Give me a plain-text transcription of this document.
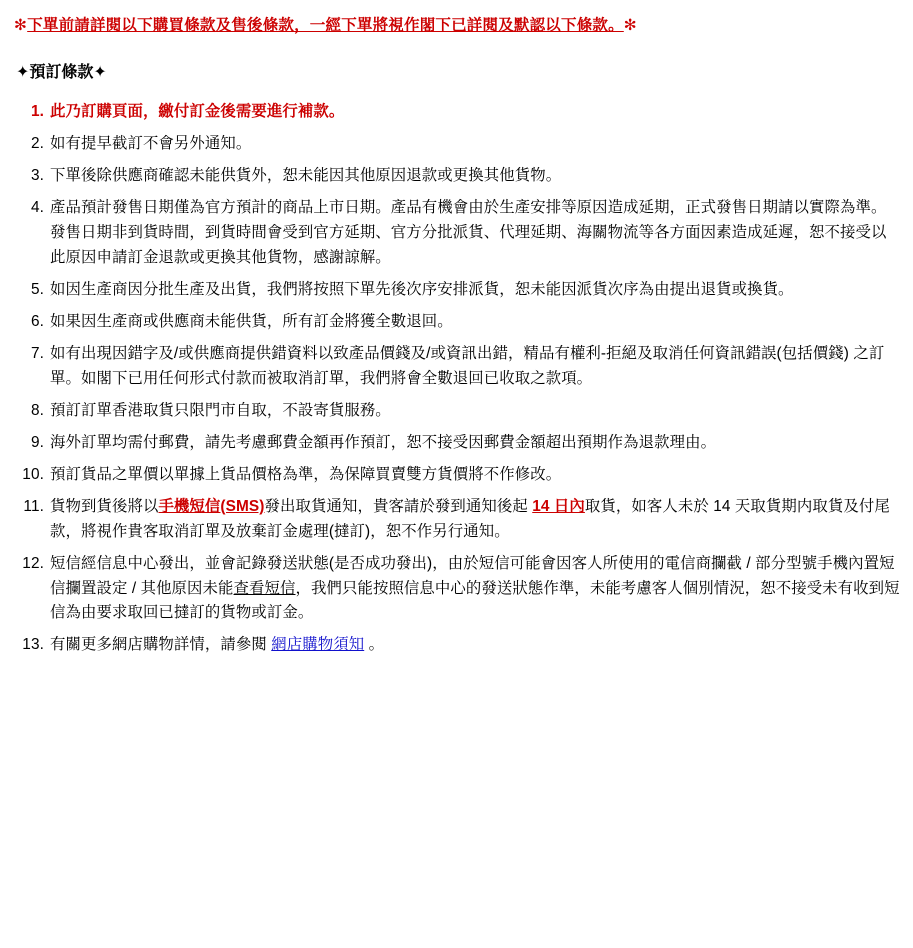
✻下單前請詳閱以下購買條款及售後條款，一經下單將視作閣下已詳閱及默認以下條款。✻
✦預訂條款✦
此乃訂購頁面，繳付訂金後需要進行補款。
如有提早截訂不會另外通知。
下單後除供應商確認未能供貨外，恕未能因其他原因退款或更換其他貨物。
產品預計發售日期僅為官方預計的商品上市日期。產品有機會由於生產安排等原因造成延期，正式發售日期請以實際為準。發售日期非到貨時間，到貨時間會受到官方延期、官方分批派貨、代理延期、海關物流等各方面因素造成延遲，恕不接受以此原因申請訂金退款或更換其他貨物，感謝諒解。
如因生產商因分批生產及出貨，我們將按照下單先後次序安排派貨，恕未能因派貨次序為由提出退貨或換貨。
如果因生產商或供應商未能供貨，所有訂金將獲全數退回。
如有出現因錯字及/或供應商提供錯資料以致產品價錢及/或資訊出錯，精品有權利-拒絕及取消任何資訊錯誤(包括價錢) 之訂單。如閣下已用任何形式付款而被取消訂單，我們將會全數退回已收取之款項。
預訂訂單香港取貨只限門市自取，不設寄貨服務。
海外訂單均需付郵費，請先考慮郵費金額再作預訂，恕不接受因郵費金額超出預期作為退款理由。
預訂貨品之單價以單據上貨品價格為準，為保障買賣雙方貨價將不作修改。
貨物到貨後將以手機短信(SMS)發出取貨通知，貴客請於發到通知後起 14 日內取貨，如客人未於 14 天取貨期内取貨及付尾款，將視作貴客取消訂單及放棄訂金處理(撻訂)，恕不作另行通知。
短信經信息中心發出，並會記錄發送狀態(是否成功發出)，由於短信可能會因客人所使用的電信商攔截 / 部分型號手機內置短信攔置設定 / 其他原因未能查看短信，我們只能按照信息中心的發送狀態作準，未能考慮客人個別情況，恕不接受未有收到短信為由要求取回已撻訂的貨物或訂金。
有關更多網店購物詳情，請參閱 網店購物須知 。
